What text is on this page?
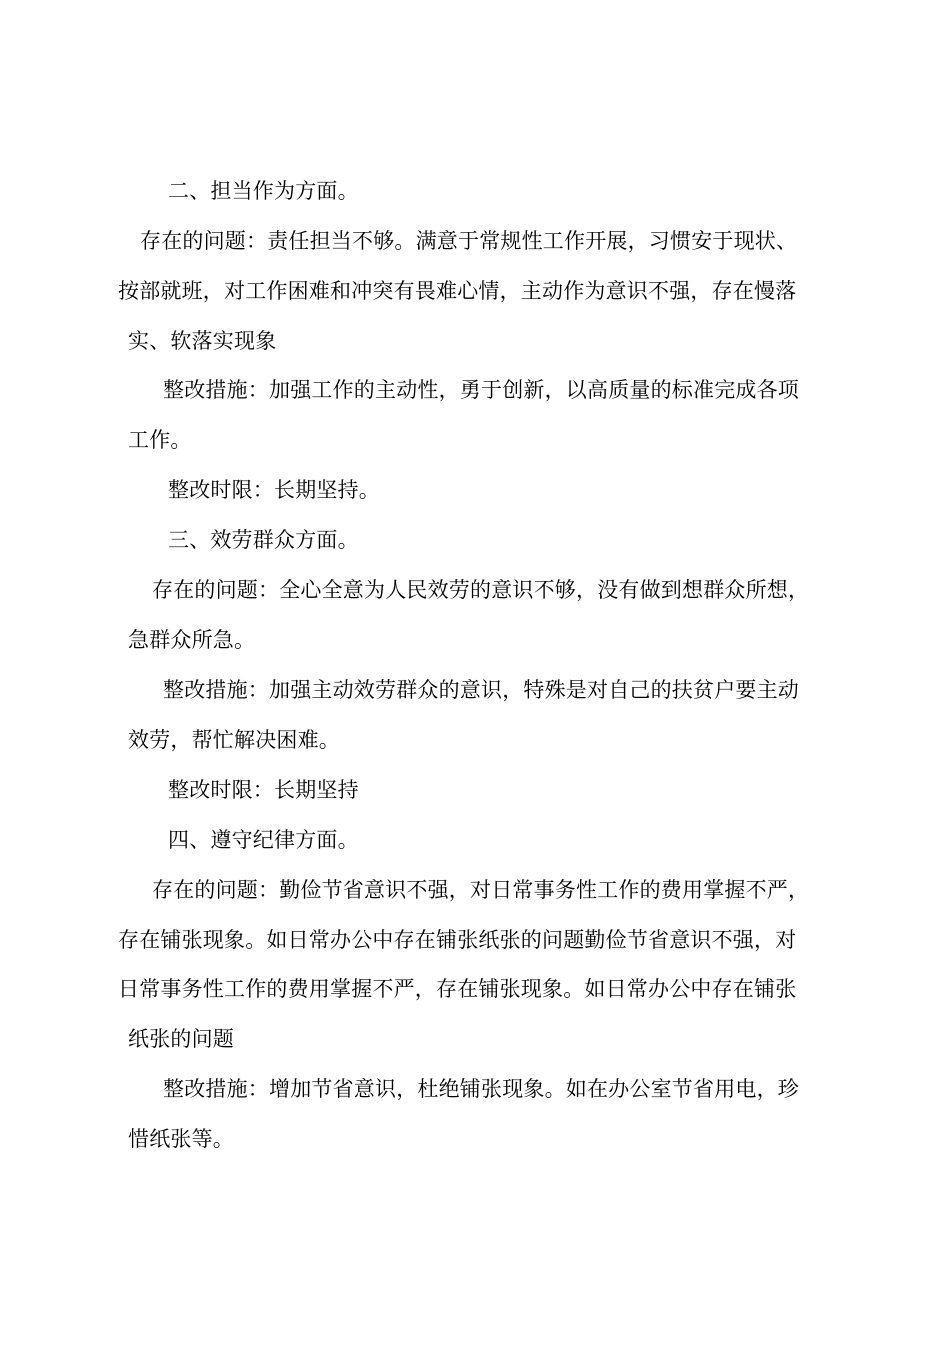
二、担当作为方面。

存在的问题：责任担当不够。满意于常规性工作开展，习惯安于现状、

按部就班，对工作困难和冲突有畏难心情，主动作为意识不强，存在慢落

实、软落实现象

整改措施：加强工作的主动性，勇于创新，以高质量的标准完成各项

工作。

整改时限：长期坚持。

三、效劳群众方面。

存在的问题：全心全意为人民效劳的意识不够，没有做到想群众所想，

急群众所急。

整改措施：加强主动效劳群众的意识，特殊是对自己的扶贫户要主动

效劳，帮忙解决困难。

整改时限：长期坚持

四、遵守纪律方面。

存在的问题：勤俭节省意识不强，对日常事务性工作的费用掌握不严，

存在铺张现象。如日常办公中存在铺张纸张的问题勤俭节省意识不强，对

日常事务性工作的费用掌握不严，存在铺张现象。如日常办公中存在铺张

纸张的问题

整改措施：增加节省意识，杜绝铺张现象。如在办公室节省用电，珍

惜纸张等。
